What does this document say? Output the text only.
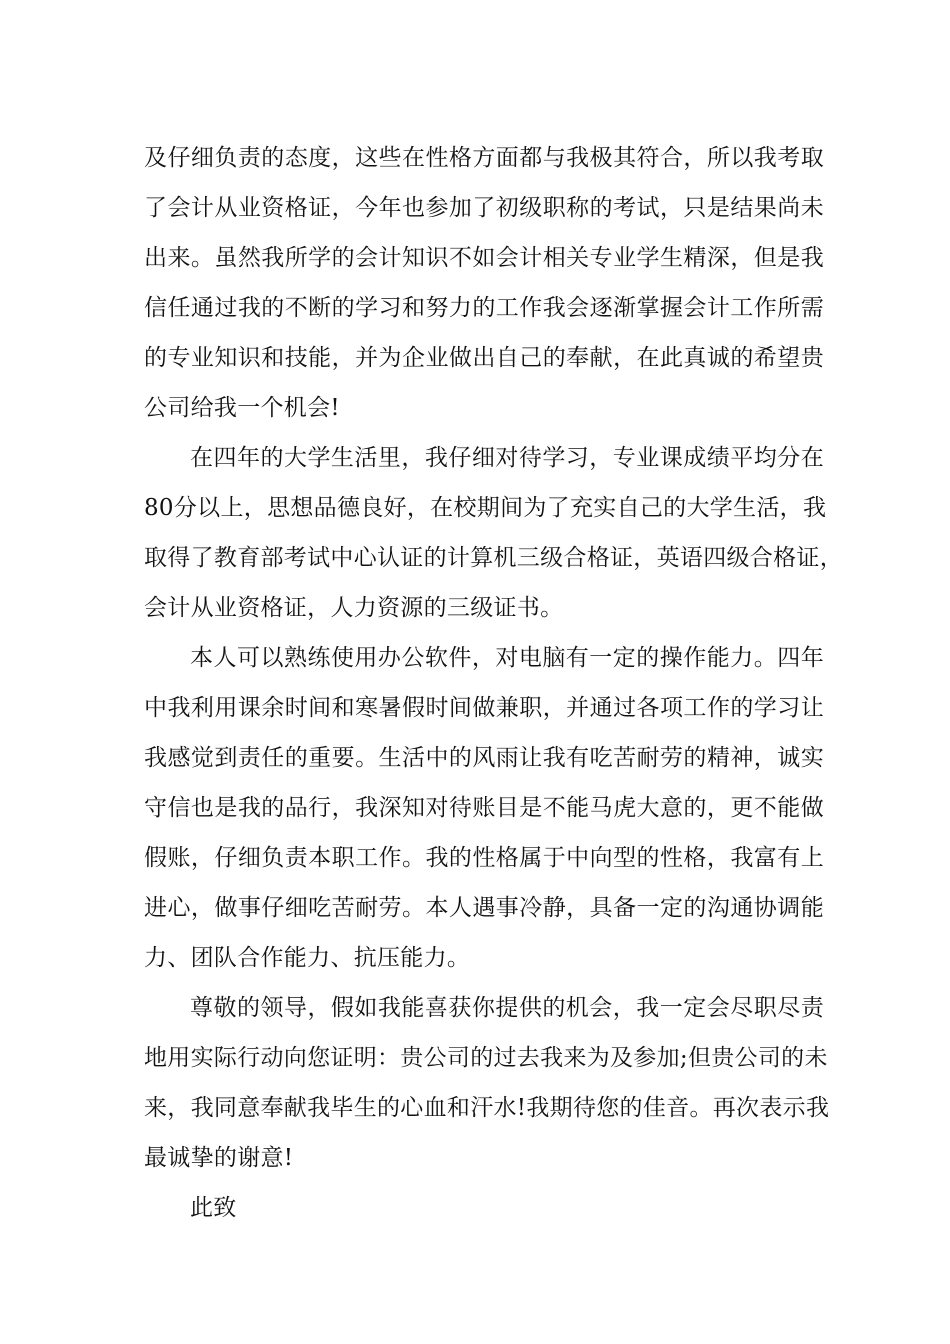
及仔细负责的态度，这些在性格方面都与我极其符合，所以我考取
了会计从业资格证，今年也参加了初级职称的考试，只是结果尚未
出来。虽然我所学的会计知识不如会计相关专业学生精深，但是我
信任通过我的不断的学习和努力的工作我会逐渐掌握会计工作所需
的专业知识和技能，并为企业做出自己的奉献，在此真诚的希望贵
公司给我一个机会!
在四年的大学生活里，我仔细对待学习，专业课成绩平均分在
80分以上，思想品德良好，在校期间为了充实自己的大学生活，我
取得了教育部考试中心认证的计算机三级合格证，英语四级合格证，
会计从业资格证，人力资源的三级证书。
本人可以熟练使用办公软件，对电脑有一定的操作能力。四年
中我利用课余时间和寒暑假时间做兼职，并通过各项工作的学习让
我感觉到责任的重要。生活中的风雨让我有吃苦耐劳的精神，诚实
守信也是我的品行，我深知对待账目是不能马虎大意的，更不能做
假账，仔细负责本职工作。我的性格属于中向型的性格，我富有上
进心，做事仔细吃苦耐劳。本人遇事冷静，具备一定的沟通协调能
力、团队合作能力、抗压能力。
尊敬的领导，假如我能喜获你提供的机会，我一定会尽职尽责
地用实际行动向您证明：贵公司的过去我来为及参加;但贵公司的未
来，我同意奉献我毕生的心血和汗水!我期待您的佳音。再次表示我
最诚挚的谢意!
此致
